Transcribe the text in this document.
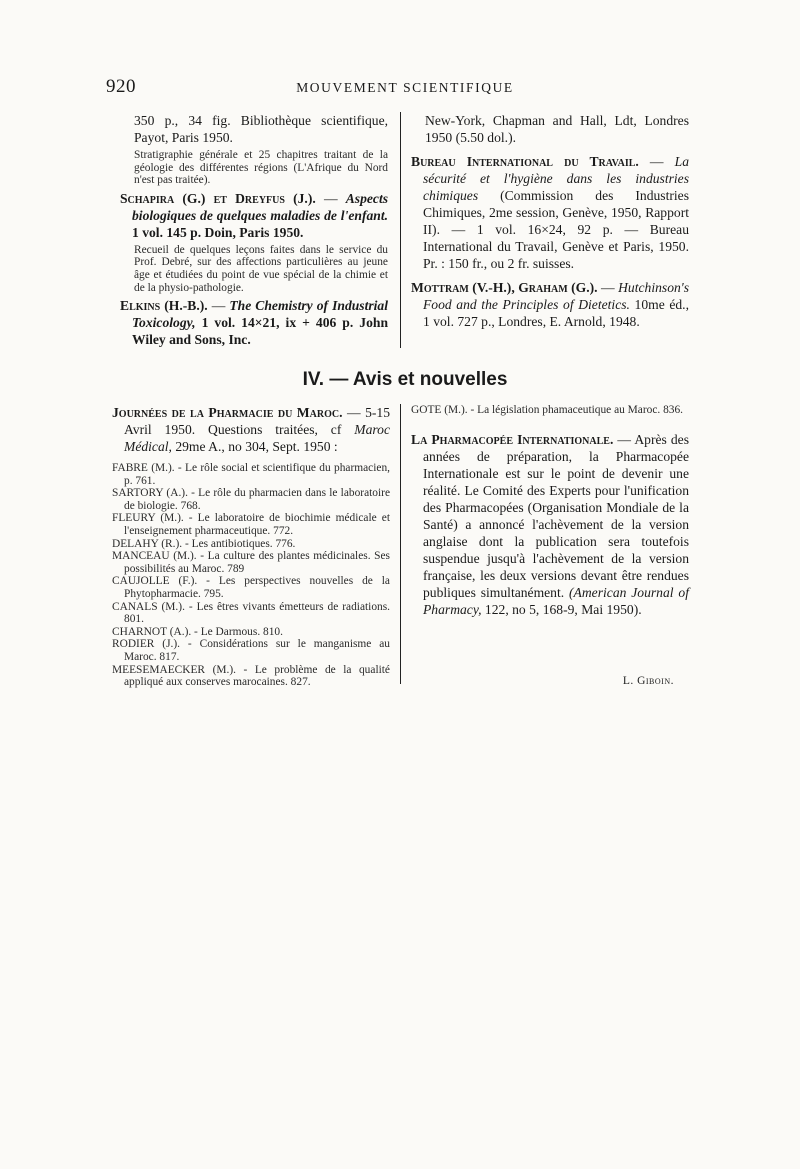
920	MOUVEMENT SCIENTIFIQUE

350 p., 34 fig. Bibliothèque scientifique, Payot, Paris 1950.

Stratigraphie générale et 25 chapitres traitant de la géologie des différentes régions (L'Afrique du Nord n'est pas traitée).

Schapira (G.) et Dreyfus (J.). — Aspects biologiques de quelques maladies de l'enfant. 1 vol. 145 p. Doin, Paris 1950.

Recueil de quelques leçons faites dans le service du Prof. Debré, sur des affections particulières au jeune âge et étudiées du point de vue spécial de la chimie et de la physio-pathologie.

Elkins (H.-B.). — The Chemistry of Industrial Toxicology, 1 vol. 14×21, ix + 406 p. John Wiley and Sons, Inc.

New-York, Chapman and Hall, Ldt, Londres 1950 (5.50 dol.).

Bureau International du Travail. — La sécurité et l'hygiène dans les industries chimiques (Commission des Industries Chimiques, 2me session, Genève, 1950, Rapport II). — 1 vol. 16×24, 92 p. — Bureau International du Travail, Genève et Paris, 1950. Pr. : 150 fr., ou 2 fr. suisses.

Mottram (V.-H.), Graham (G.). — Hutchinson's Food and the Principles of Dietetics. 10me éd., 1 vol. 727 p., Londres, E. Arnold, 1948.

IV. — Avis et nouvelles

Journées de la Pharmacie du Maroc. — 5-15 Avril 1950. Questions traitées, cf Maroc Médical, 29me A., no 304, Sept. 1950 :

FABRE (M.). - Le rôle social et scientifique du pharmacien, p. 761.

SARTORY (A.). - Le rôle du pharmacien dans le laboratoire de biologie. 768.

FLEURY (M.). - Le laboratoire de biochimie médicale et l'enseignement pharmaceutique. 772.

DELAHY (R.). - Les antibiotiques. 776.

MANCEAU (M.). - La culture des plantes médicinales. Ses possibilités au Maroc. 789

CAUJOLLE (F.). - Les perspectives nouvelles de la Phytopharmacie. 795.

CANALS (M.). - Les êtres vivants émetteurs de radiations. 801.

CHARNOT (A.). - Le Darmous. 810.

RODIER (J.). - Considérations sur le manganisme au Maroc. 817.

MEESEMAECKER (M.). - Le problème de la qualité appliqué aux conserves marocaines. 827.

GOTE (M.). - La législation phamaceutique au Maroc. 836.

La Pharmacopée Internationale. — Après des années de préparation, la Pharmacopée Internationale est sur le point de devenir une réalité. Le Comité des Experts pour l'unification des Pharmacopées (Organisation Mondiale de la Santé) a annoncé l'achèvement de la version anglaise dont la publication sera toutefois suspendue jusqu'à l'achèvement de la version française, les deux versions devant être rendues publiques simultanément. (American Journal of Pharmacy, 122, no 5, 168-9, Mai 1950).

L. Giboin.
